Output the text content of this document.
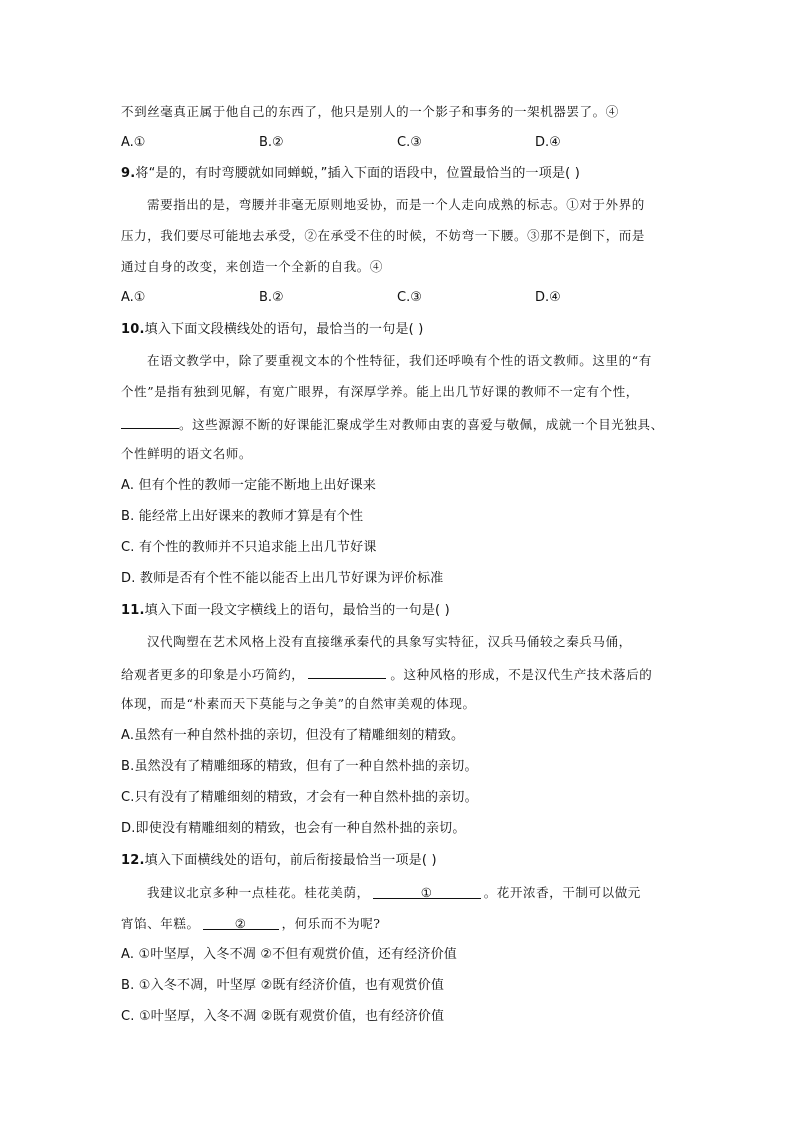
不到丝毫真正属于他自己的东西了，他只是别人的一个影子和事务的一架机器罢了。④
A.①	B.②	C.③	D.④
9.将“是的，有时弯腰就如同蝉蜕，”插入下面的语段中，位置最恰当的一项是( )
需要指出的是，弯腰并非毫无原则地妥协，而是一个人走向成熟的标志。①对于外界的
压力，我们要尽可能地去承受，②在承受不住的时候，不妨弯一下腰。③那不是倒下，而是
通过自身的改变，来创造一个全新的自我。④
A.①	B.②	C.③	D.④
10.填入下面文段横线处的语句，最恰当的一句是( )
在语文教学中，除了要重视文本的个性特征，我们还呼唤有个性的语文教师。这里的“有
个性”是指有独到见解，有宽广眼界，有深厚学养。能上出几节好课的教师不一定有个性，
。这些源源不断的好课能汇聚成学生对教师由衷的喜爱与敬佩，成就一个目光独具、
个性鲜明的语文名师。
A. 但有个性的教师一定能不断地上出好课来
B. 能经常上出好课来的教师才算是有个性
C. 有个性的教师并不只追求能上出几节好课
D. 教师是否有个性不能以能否上出几节好课为评价标准
11.填入下面一段文字横线上的语句，最恰当的一句是( )
汉代陶塑在艺术风格上没有直接继承秦代的具象写实特征，汉兵马俑较之秦兵马俑，
给观者更多的印象是小巧简约，	。这种风格的形成，不是汉代生产技术落后的
体现，而是“朴素而天下莫能与之争美”的自然审美观的体现。
A.虽然有一种自然朴拙的亲切，但没有了精雕细刻的精致。
B.虽然没有了精雕细琢的精致，但有了一种自然朴拙的亲切。
C.只有没有了精雕细刻的精致，才会有一种自然朴拙的亲切。
D.即使没有精雕细刻的精致，也会有一种自然朴拙的亲切。
12.填入下面横线处的语句，前后衔接最恰当一项是( )
我建议北京多种一点桂花。桂花美荫，	①	。花开浓香，干制可以做元
宵馅、年糕。	②	，何乐而不为呢?
A. ①叶坚厚，入冬不凋 ②不但有观赏价值，还有经济价值
B. ①入冬不凋，叶坚厚 ②既有经济价值，也有观赏价值
C. ①叶坚厚，入冬不凋 ②既有观赏价值，也有经济价值
